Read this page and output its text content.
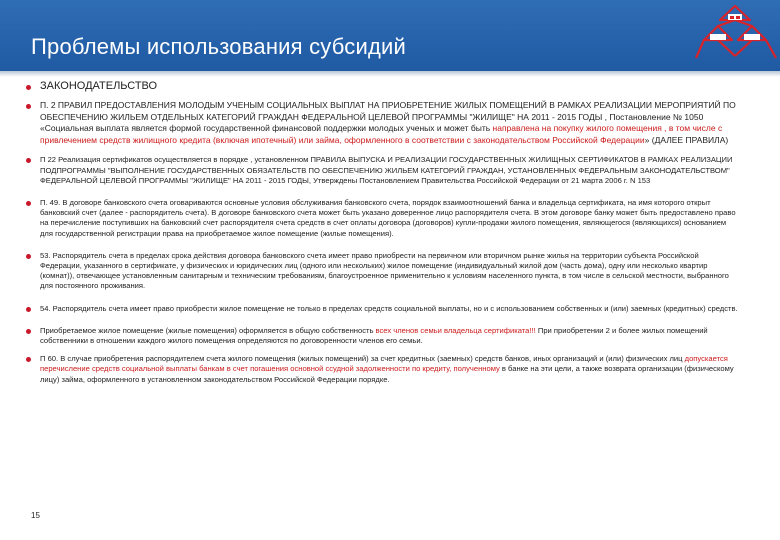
Проблемы использования субсидий
ЗАКОНОДАТЕЛЬСТВО
П. 2 ПРАВИЛ ПРЕДОСТАВЛЕНИЯ МОЛОДЫМ УЧЕНЫМ СОЦИАЛЬНЫХ ВЫПЛАТ НА ПРИОБРЕТЕНИЕ ЖИЛЫХ ПОМЕЩЕНИЙ В РАМКАХ РЕАЛИЗАЦИИ МЕРОПРИЯТИЙ ПО ОБЕСПЕЧЕНИЮ ЖИЛЬЕМ ОТДЕЛЬНЫХ КАТЕГОРИЙ ГРАЖДАН ФЕДЕРАЛЬНОЙ ЦЕЛЕВОЙ ПРОГРАММЫ "ЖИЛИЩЕ" НА 2011 - 2015 ГОДЫ , Постановление № 1050 «Социальная выплата является формой государственной финансовой поддержки молодых ученых и может быть направлена на покупку жилого помещения , в том числе с привлечением средств жилищного кредита (включая ипотечный) или займа, оформленного в соответствии с законодательством Российской Федерации» (ДАЛЕЕ ПРАВИЛА)
П 22 Реализация сертификатов осуществляется в порядке , установленном ПРАВИЛА ВЫПУСКА И РЕАЛИЗАЦИИ ГОСУДАРСТВЕННЫХ ЖИЛИЩНЫХ СЕРТИФИКАТОВ В РАМКАХ РЕАЛИЗАЦИИ ПОДПРОГРАММЫ "ВЫПОЛНЕНИЕ ГОСУДАРСТВЕННЫХ ОБЯЗАТЕЛЬСТВ ПО ОБЕСПЕЧЕНИЮ ЖИЛЬЕМ КАТЕГОРИЙ ГРАЖДАН, УСТАНОВЛЕННЫХ ФЕДЕРАЛЬНЫМ ЗАКОНОДАТЕЛЬСТВОМ" ФЕДЕРАЛЬНОЙ ЦЕЛЕВОЙ ПРОГРАММЫ "ЖИЛИЩЕ" НА 2011 - 2015 ГОДЫ, Утверждены Постановлением Правительства Российской Федерации от 21 марта 2006 г. N 153
П. 49. В договоре банковского счета оговариваются основные условия обслуживания банковского счета, порядок взаимоотношений банка и владельца сертификата, на имя которого открыт банковский счет (далее - распорядитель счета). В договоре банковского счета может быть указано доверенное лицо распорядителя счета. В этом договоре банку может быть предоставлено право на перечисление поступивших на банковский счет распорядителя счета средств в счет оплаты договора (договоров) купли-продажи жилого помещения, являющегося (являющихся) основанием для государственной регистрации права на приобретаемое жилое помещение (жилые помещения).
53. Распорядитель счета в пределах срока действия договора банковского счета имеет право приобрести на первичном или вторичном рынке жилья на территории субъекта Российской Федерации, указанного в сертификате, у физических и юридических лиц (одного или нескольких) жилое помещение (индивидуальный жилой дом (часть дома), одну или несколько квартир (комнат)), отвечающее установленным санитарным и техническим требованиям, благоустроенное применительно к условиям населенного пункта, в том числе в сельской местности, выбранного для постоянного проживания.
54. Распорядитель счета имеет право приобрести жилое помещение не только в пределах средств социальной выплаты, но и с использованием собственных и (или) заемных (кредитных) средств.
Приобретаемое жилое помещение (жилые помещения) оформляется в общую собственность всех членов семьи владельца сертификата!!! При приобретении 2 и более жилых помещений собственники в отношении каждого жилого помещения определяются по договоренности членов его семьи.
П 60. В случае приобретения распорядителем счета жилого помещения (жилых помещений) за счет кредитных (заемных) средств банков, иных организаций и (или) физических лиц допускается перечисление средств социальной выплаты банкам в счет погашения основной ссудной задолженности по кредиту, полученному в банке на эти цели, а также возврата организации (физическому лицу) займа, оформленного в установленном законодательством Российской Федерации порядке.
15
